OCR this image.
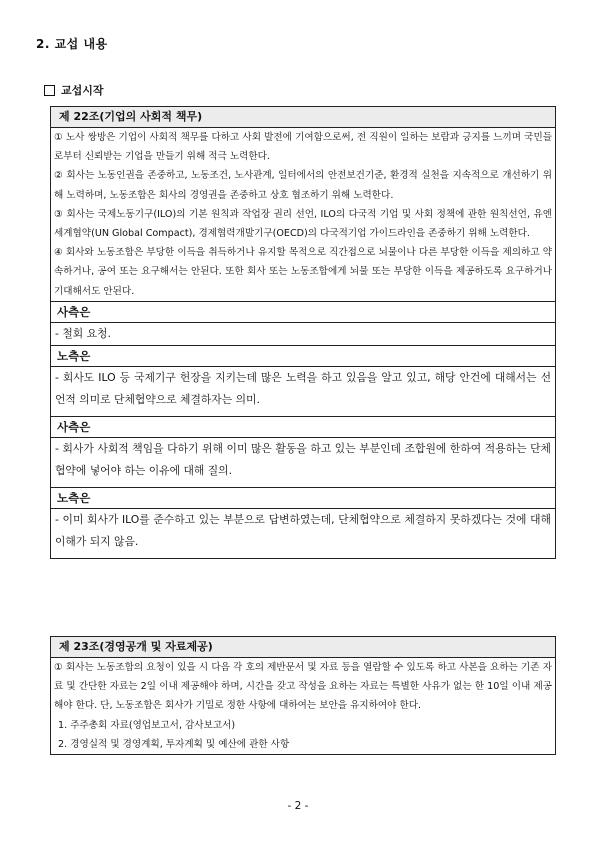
2. 교섭 내용
교섭시작
제 22조(기업의 사회적 책무)

① 노사 쌍방은 기업이 사회적 책무를 다하고 사회 발전에 기여함으로써, 전 직원이 일하는 보람과 긍지를 느끼며 국민들로부터 신뢰받는 기업을 만들기 위해 적극 노력한다.

② 회사는 노동인권을 존중하고, 노동조건, 노사관계, 일터에서의 안전보건기준, 환경적 실천을 지속적으로 개선하기 위해 노력하며, 노동조합은 회사의 경영권을 존중하고 상호 협조하기 위해 노력한다.

③ 회사는 국제노동기구(ILO)의 기본 원칙과 작업장 권리 선언, ILO의 다국적 기업 및 사회 정책에 관한 원칙선언, 유엔세계협약(UN Global Compact), 경제협력개발기구(OECD)의 다국적기업 가이드라인을 존중하기 위해 노력한다.

④ 회사와 노동조합은 부당한 이득을 취득하거나 유지할 목적으로 직간접으로 뇌물이나 다른 부당한 이득을 제의하고 약속하거나, 공여 또는 요구해서는 안된다. 또한 회사 또는 노동조합에게 뇌물 또는 부당한 이득을 제공하도록 요구하거나 기대해서도 안된다.

사측은
- 철회 요청.
노측은
- 회사도 ILO 등 국제기구 헌장을 지키는데 많은 노력을 하고 있음을 알고 있고, 해당 안건에 대해서는 선언적 의미로 단체협약으로 체결하자는 의미.
사측은
- 회사가 사회적 책임을 다하기 위해 이미 많은 활동을 하고 있는 부분인데 조합원에 한하여 적용하는 단체협약에 넣어야 하는 이유에 대해 질의.
노측은
- 이미 회사가 ILO를 준수하고 있는 부분으로 답변하였는데, 단체협약으로 체결하지 못하겠다는 것에 대해 이해가 되지 않음.
제 23조(경영공개 및 자료제공)

① 회사는 노동조합의 요청이 있을 시 다음 각 호의 제반문서 및 자료 등을 열람할 수 있도록 하고 사본을 요하는 기존 자료 및 간단한 자료는 2일 이내 제공해야 하며, 시간을 갖고 작성을 요하는 자료는 특별한 사유가 없는 한 10일 이내 제공해야 한다. 단, 노동조합은 회사가 기밀로 정한 사항에 대하여는 보안을 유지하여야 한다.

1. 주주총회 자료(영업보고서, 감사보고서)

2. 경영실적 및 경영계획, 투자계획 및 예산에 관한 사항

- 2 -
